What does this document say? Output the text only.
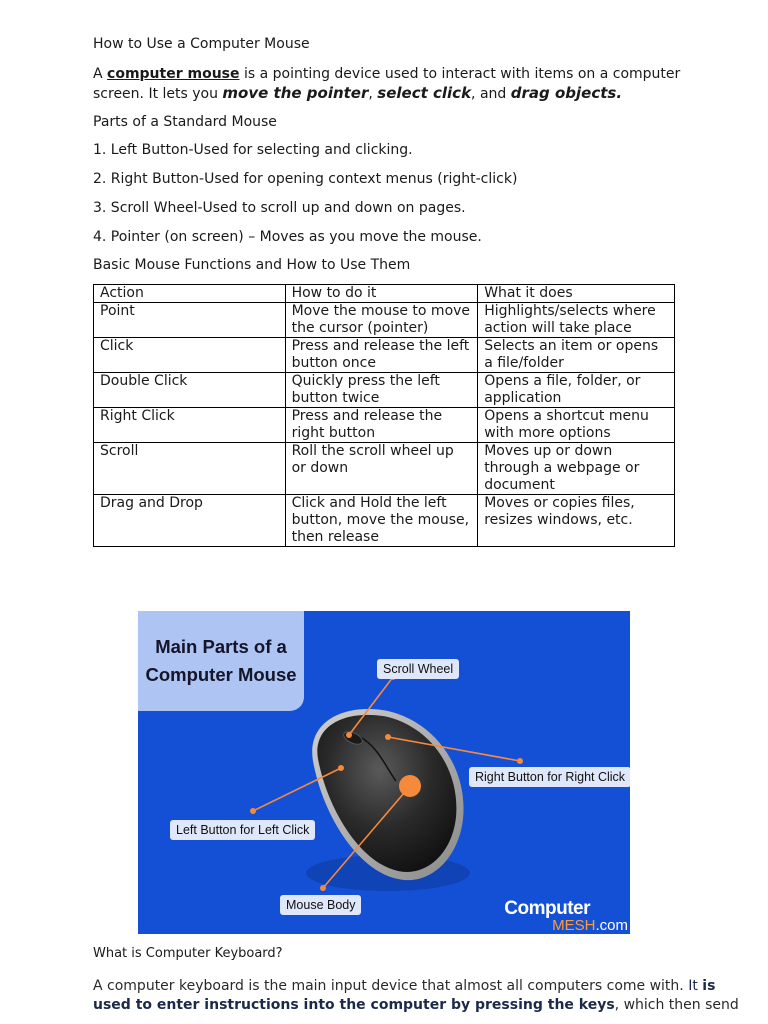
How to Use a Computer Mouse
A computer mouse is a pointing device used to interact with items on a computer
screen. It lets you move the pointer, select click, and drag objects.
Parts of a Standard Mouse
1. Left Button-Used for selecting and clicking.
2. Right Button-Used for opening context menus (right-click)
3. Scroll Wheel-Used to scroll up and down on pages.
4. Pointer (on screen) – Moves as you move the mouse.
Basic Mouse Functions and How to Use Them
Action	How to do it	What it does
Point	Move the mouse to move the cursor (pointer)	Highlights/selects where action will take place
Click	Press and release the left button once	Selects an item or opens a file/folder
Double Click	Quickly press the left button twice	Opens a file, folder, or application
Right Click	Press and release the right button	Opens a shortcut menu with more options
Scroll	Roll the scroll wheel up or down	Moves up or down through a webpage or document
Drag and Drop	Click and Hold the left button, move the mouse, then release	Moves or copies files, resizes windows, etc.
Main Parts of a
Computer Mouse	Scroll Wheel
Right Button for Right Click
Left Button for Left Click
Mouse Body	Computer
MESH.com
What is Computer Keyboard?
A computer keyboard is the main input device that almost all computers come with. It is
used to enter instructions into the computer by pressing the keys, which then send
